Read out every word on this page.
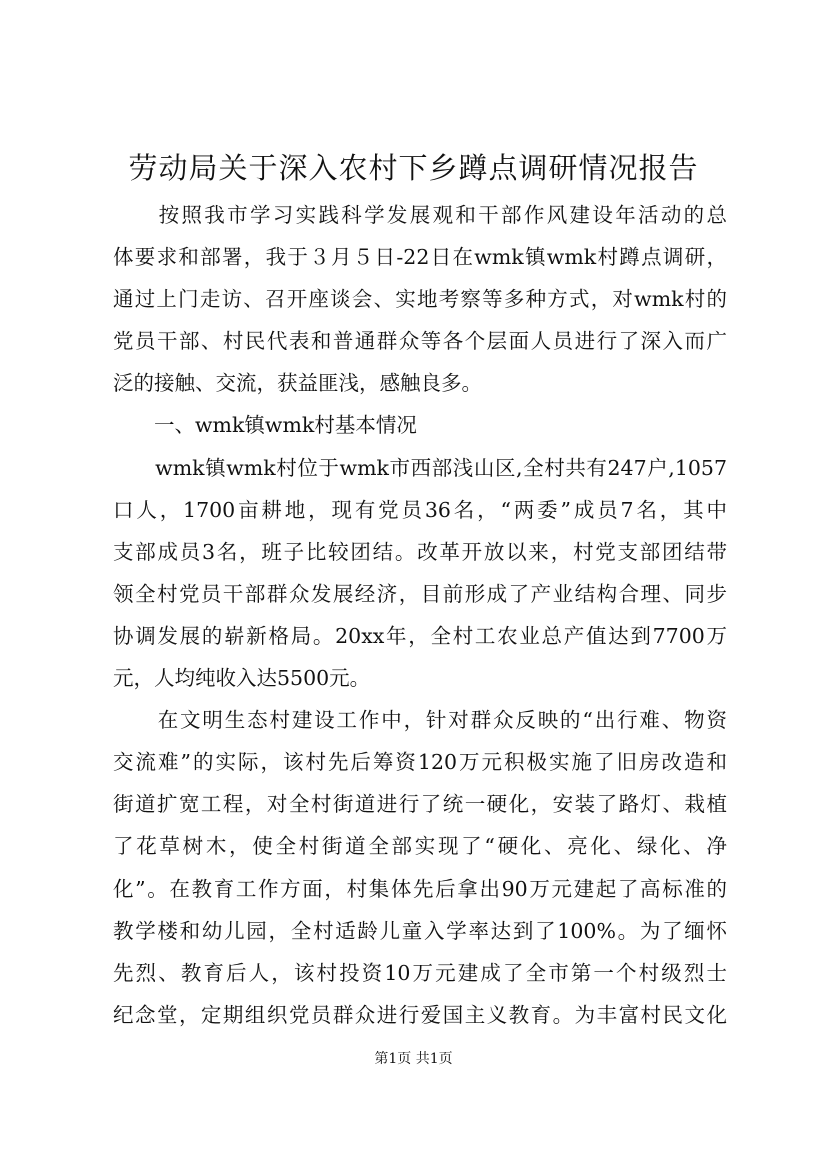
劳动局关于深入农村下乡蹲点调研情况报告
　　按照我市学习实践科学发展观和干部作风建设年活动的总
体要求和部署，我于３月５日-22日在wmk镇wmk村蹲点调研，
通过上门走访、召开座谈会、实地考察等多种方式，对wmk村的
党员干部、村民代表和普通群众等各个层面人员进行了深入而广
泛的接触、交流，获益匪浅，感触良多。
　　一、wmk镇wmk村基本情况
　　wmk镇wmk村位于wmk市西部浅山区,全村共有247户,1057
口人，1700亩耕地，现有党员36名，“两委”成员7名，其中
支部成员3名，班子比较团结。改革开放以来，村党支部团结带
领全村党员干部群众发展经济，目前形成了产业结构合理、同步
协调发展的崭新格局。20xx年，全村工农业总产值达到7700万
元，人均纯收入达5500元。
　　在文明生态村建设工作中，针对群众反映的“出行难、物资
交流难”的实际，该村先后筹资120万元积极实施了旧房改造和
街道扩宽工程，对全村街道进行了统一硬化，安装了路灯、栽植
了花草树木，使全村街道全部实现了“硬化、亮化、绿化、净
化”。在教育工作方面，村集体先后拿出90万元建起了高标准的
教学楼和幼儿园，全村适龄儿童入学率达到了100%。为了缅怀
先烈、教育后人，该村投资10万元建成了全市第一个村级烈士
纪念堂，定期组织党员群众进行爱国主义教育。为丰富村民文化
第1页 共1页
